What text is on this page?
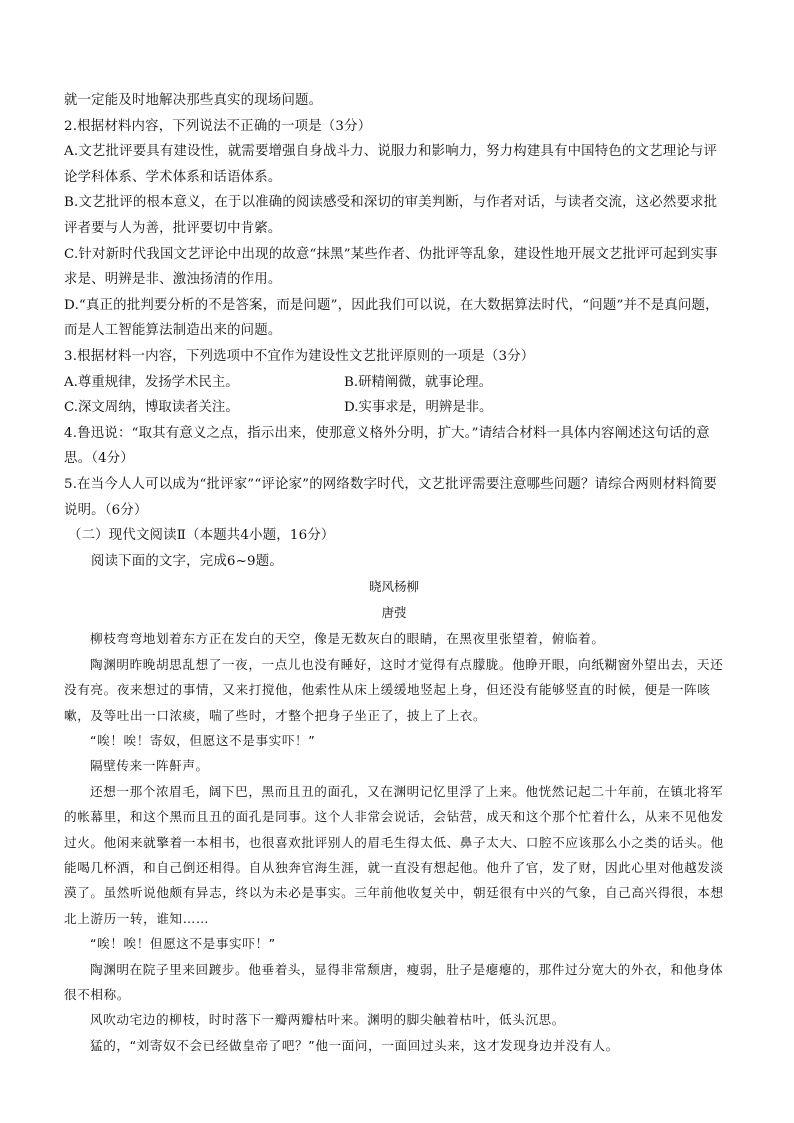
就一定能及时地解决那些真实的现场问题。

2.根据材料内容，下列说法不正确的一项是（3分）

A.文艺批评要具有建设性，就需要增强自身战斗力、说服力和影响力，努力构建具有中国特色的文艺理论与评论学科体系、学术体系和话语体系。

B.文艺批评的根本意义，在于以准确的阅读感受和深切的审美判断，与作者对话，与读者交流，这必然要求批评者要与人为善，批评要切中肯綮。

C.针对新时代我国文艺评论中出现的故意“抹黑”某些作者、伪批评等乱象，建设性地开展文艺批评可起到实事求是、明辨是非、激浊扬清的作用。

D.“真正的批判要分析的不是答案，而是问题”，因此我们可以说，在大数据算法时代，“问题”并不是真问题，而是人工智能算法制造出来的问题。

3.根据材料一内容，下列选项中不宜作为建设性文艺批评原则的一项是（3分）

A.尊重规律，发扬学术民主。	B.研精阐微，就事论理。
C.深文周纳，博取读者关注。	D.实事求是，明辨是非。

4.鲁迅说：“取其有意义之点，指示出来，使那意义格外分明，扩大。”请结合材料一具体内容阐述这句话的意思。（4分）

5.在当今人人可以成为“批评家”“评论家”的网络数字时代，文艺批评需要注意哪些问题？请综合两则材料简要说明。（6分）

（二）现代文阅读Ⅱ（本题共4小题，16分）

阅读下面的文字，完成6~9题。

晓风杨柳

唐弢

柳枝弯弯地划着东方正在发白的天空，像是无数灰白的眼睛，在黑夜里张望着，俯临着。

陶渊明昨晚胡思乱想了一夜，一点儿也没有睡好，这时才觉得有点朦胧。他睁开眼，向纸糊窗外望出去，天还没有亮。夜来想过的事情，又来打搅他，他索性从床上缓缓地竖起上身，但还没有能够竖直的时候，便是一阵咳嗽，及等吐出一口浓痰，喘了些时，才整个把身子坐正了，披上了上衣。

“唉！唉！寄奴，但愿这不是事实吓！”

隔壁传来一阵鼾声。

还想一那个浓眉毛，阔下巴，黑而且丑的面孔，又在渊明记忆里浮了上来。他恍然记起二十年前，在镇北将军的帐幕里，和这个黑而且丑的面孔是同事。这个人非常会说话，会钻营，成天和这个那个忙着什么，从来不见他发过火。他闲来就擎着一本相书，也很喜欢批评别人的眉毛生得太低、鼻子太大、口腔不应该那么小之类的话头。他能喝几杯酒，和自己倒还相得。自从独奔官海生涯，就一直没有想起他。他升了官，发了财，因此心里对他越发淡漠了。虽然听说他颇有异志，终以为未必是事实。三年前他收复关中，朝廷很有中兴的气象，自己高兴得很，本想北上游历一转，谁知……

“唉！唉！但愿这不是事实吓！”

陶渊明在院子里来回踱步。他垂着头，显得非常颓唐，瘦弱，肚子是瘪瘪的，那件过分宽大的外衣，和他身体很不相称。

风吹动宅边的柳枝，时时落下一瓣两瓣枯叶来。渊明的脚尖触着枯叶，低头沉思。

猛的，“刘寄奴不会已经做皇帝了吧？”他一面问，一面回过头来，这才发现身边并没有人。
